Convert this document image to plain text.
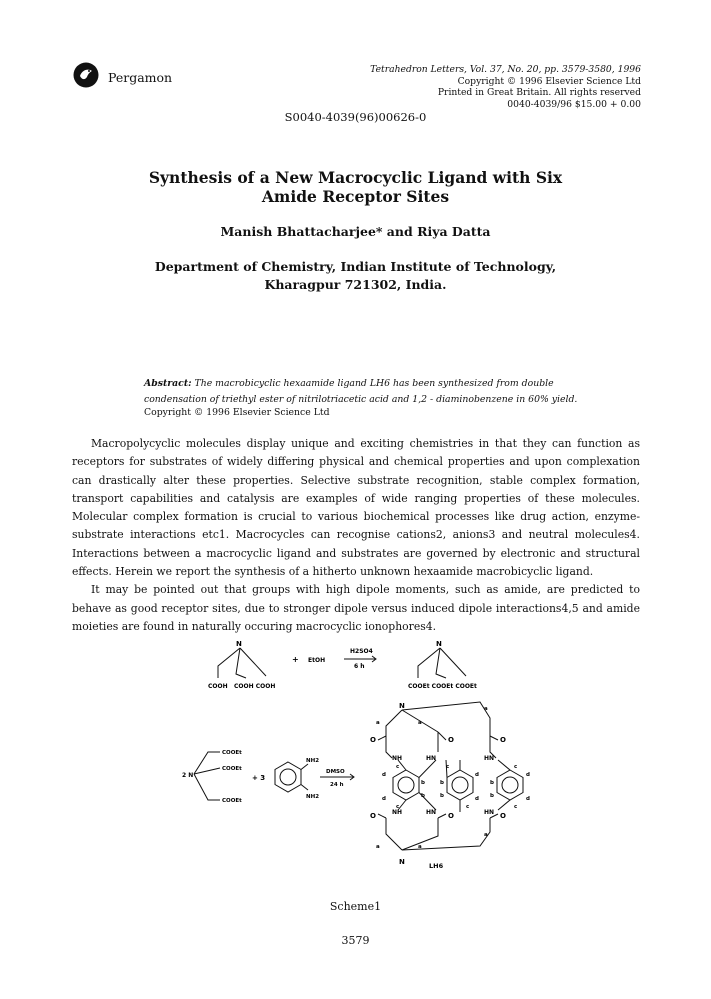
Pergamon
Tetrahedron Letters, Vol. 37, No. 20, pp. 3579-3580, 1996
Copyright © 1996 Elsevier Science Ltd
Printed in Great Britain. All rights reserved
0040-4039/96 $15.00 + 0.00
S0040-4039(96)00626-0
Synthesis of a New Macrocyclic Ligand with Six
Amide Receptor Sites
Manish Bhattacharjee* and Riya Datta
Department of Chemistry, Indian Institute of Technology,
Kharagpur 721302, India.
Abstract: The macrobicyclic hexaamide ligand LH6 has been synthesized from double condensation of triethyl ester of nitrilotriacetic acid and 1,2 - diaminobenzene in 60% yield.
Copyright © 1996 Elsevier Science Ltd

Macropolycyclic molecules display unique and exciting chemistries in that they can function as receptors for substrates of widely differing physical and chemical properties and upon complexation can drastically alter these properties. Selective substrate recognition, stable complex formation, transport capabilities and catalysis are examples of wide ranging properties of these molecules. Molecular complex formation is crucial to various biochemical processes like drug action, enzyme-substrate interactions etc1. Macrocycles can recognise cations2, anions3 and neutral molecules4. Interactions between a macrocyclic ligand and substrates are governed by electronic and structural effects. Herein we report the synthesis of a hitherto unknown hexaamide macrobicyclic ligand.

It may be pointed out that groups with high dipole moments, such as amide, are predicted to behave as good receptor sites, due to stronger dipole versus induced dipole interactions4,5 and amide moieties are found in naturally occuring macrocyclic ionophores4.

N
COOH COOH COOH
+ EtOH
H2SO4
6 h
N
COOEt COOEt COOEt
COOEt
COOEt
COOEt
2 N	+ 3
NH2
NH2
DMSO
24 h
N
N
O	O	O
O	O	O
NH	HN	HN
NH	HN	HN
a	a
a
a	a
a
d
d
b
b
b
b
d
d
b
b
d
d
c	c	c
c	c	c
LH6
Scheme1
3579
